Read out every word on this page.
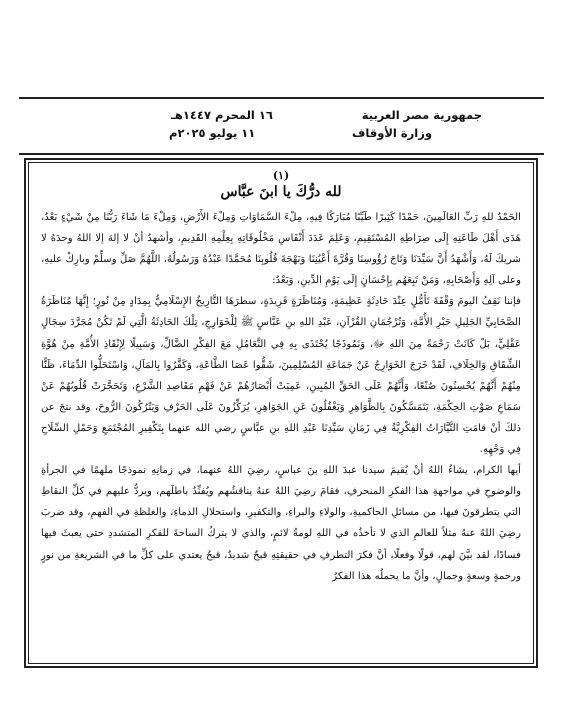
جمهورية مصر العربية
وزارة الأوقاف
١٦ المحرم ١٤٤٧هـ
١١ يوليو ٢٠٢٥م
(١)
لله درُّكَ يا ابنَ عبَّاس

الحَمْدُ للهِ رَبِّ العَالَمِينَ، حَمْدًا كَثِيرًا طَيِّبًا مُبَارَكًا فِيهِ، مِلْءَ السَّمَاوَاتِ وَمِلْءَ الأَرْضِ، وَمِلْءَ مَا شَاءَ رَبُّنَا مِنْ شَيْءٍ بَعْدُ، هَدَى أَهْلَ طَاعَتِهِ إِلَى صِرَاطِهِ المُسْتَقِيمِ، وَعَلِمَ عَدَدَ أَنْفَاسِ مَخْلُوقَاتِهِ بِعِلْمِهِ القَدِيمِ، وأشهدُ أنْ لا إلهَ إلا اللهُ وحدَهُ لا شريكَ لَهُ، وَأَشْهَدُ أَنَّ سَيِّدَنَا وَتَاجَ رُؤُوسِنَا وَقُرَّةَ أَعْيُنِنَا وَبَهْجَةَ قُلُوبِنَا مُحَمَّدًا عَبْدُهُ وَرَسُولُهُ، اللَّهُمَّ صَلِّ وسلِّمْ وبارِكْ عليهِ، وعلى آلِهِ وَأَصْحَابِهِ، وَمَنْ تَبِعَهُم بِإِحْسَانٍ إِلَى يَوْمِ الدِّينِ، وَبَعْدُ:

فإننا نَقِفُ اليومَ وَقْفَةَ تَأَمُّلٍ عِنْدَ حَادِثَةٍ عَظِيمَةٍ، وَمُنَاظَرَةٍ فَرِيدَةٍ، سطرَهَا التَّارِيخُ الإِسْلَامِيُّ بِمِدَادٍ مِنْ نُورٍ؛ إِنَّهَا مُنَاظَرَةُ الصَّحَابِيِّ الجَلِيلِ حَبْرِ الأُمَّةِ، وَتُرْجُمَانِ القُرْآنِ، عَبْدِ اللهِ بنِ عَبَّاسٍ ﷺ لِلْخَوَارِجِ، تِلْكَ الحَادِثَةُ الَّتِي لَمْ تَكُنْ مُجَرَّدَ سِجَالٍ عَقْلِيٍّ، بَلْ كَانَتْ رَحْمَةً مِنَ اللهِ ﷻ، وَنَمُوذَجًا يُحْتَذَى بِهِ فِي التَّعَامُلِ مَعَ الفِكْرِ الضَّالِّ، وَسَبِيلًا لِإِنْقَاذِ الأُمَّةِ مِنْ هُوَّةِ الشِّقَاقِ وَالخِلَافِ، لَقَدْ خَرَجَ الخَوَارِجُ عَنْ جَمَاعَةِ المُسْلِمِينَ، شَقُّوا عَصَا الطَّاعَةِ، وَكَفَّرُوا بِالمَآلِ، وَاسْتَحَلُّوا الدِّمَاءَ، ظَنًّا مِنْهُمْ أَنَّهُمْ يُحْسِنُونَ صُنْعًا، وَأَنَّهُمْ عَلَى الحَقِّ المُبِينِ، عَمِيَتْ أَبْصَارُهُمْ عَنْ فَهْمِ مَقَاصِدِ الشَّرْعِ، وَتَحَجَّرَتْ قُلُوبُهُمْ عَنْ سَمَاعِ صَوْتِ الحِكْمَةِ، يَتَمَسَّكُونَ بِالظَّوَاهِرِ وَيَغْفُلُونَ عَنِ الجَوَاهِرِ، يُرَكِّزُونَ عَلَى الحَرْفِ وَيَتْرُكُونَ الرُّوحَ، وقد نتجَ عن ذلكَ أنْ قامَتِ التَّيَّارَاتُ الفِكْرِيَّةُ فِي زَمَانِ سَيِّدِنَا عَبْدِ اللهِ بنِ عبَّاسٍ رضي الله عنهما بِتَكْفِيرِ المُجْتَمَعِ وَحَمْلِ السِّلَاحِ فِي وَجْهِهِ.

أيها الكرام، يشاءُ اللهُ أنْ يُقيمَ سيدنا عبدَ اللهِ بنَ عباسٍ، رضِيَ اللهُ عنهما، في زمانِهِ نموذجًا ملهمًا في الجرأةِ والوضوحِ في مواجهةِ هذا الفكرِ المنحرفِ، فقامَ رضِيَ اللهُ عنهُ يناقشُهم ويُفنِّدُ باطلَهم، ويردُّ عليهم في كلِّ النقاطِ التي يتطرقونَ فيها، من مسائلِ الحاكميةِ، والولاءِ والبراءِ، والتكفيرِ، واستحلالِ الدماءِ، والغلظةِ في الفهمِ، وقد ضربَ رضِيَ اللهُ عنهُ مثلاً للعالمِ الذي لا تأخذُه في اللهِ لومةُ لائمٍ، والذي لا يتركُ الساحةَ للفكرِ المتشددِ حتى يعبثَ فيها فسادًا، لقد بيَّنَ لهم، قولًا وفعلًا، أنَّ فكرَ التطرفِ في حقيقتِهِ قبحٌ شديدٌ، قبحٌ يعتدي على كلِّ ما في الشريعةِ من نورٍ ورحمةٍ وسعةٍ وجمالٍ، وأنَّ ما يحملُه هذا الفكرُ
